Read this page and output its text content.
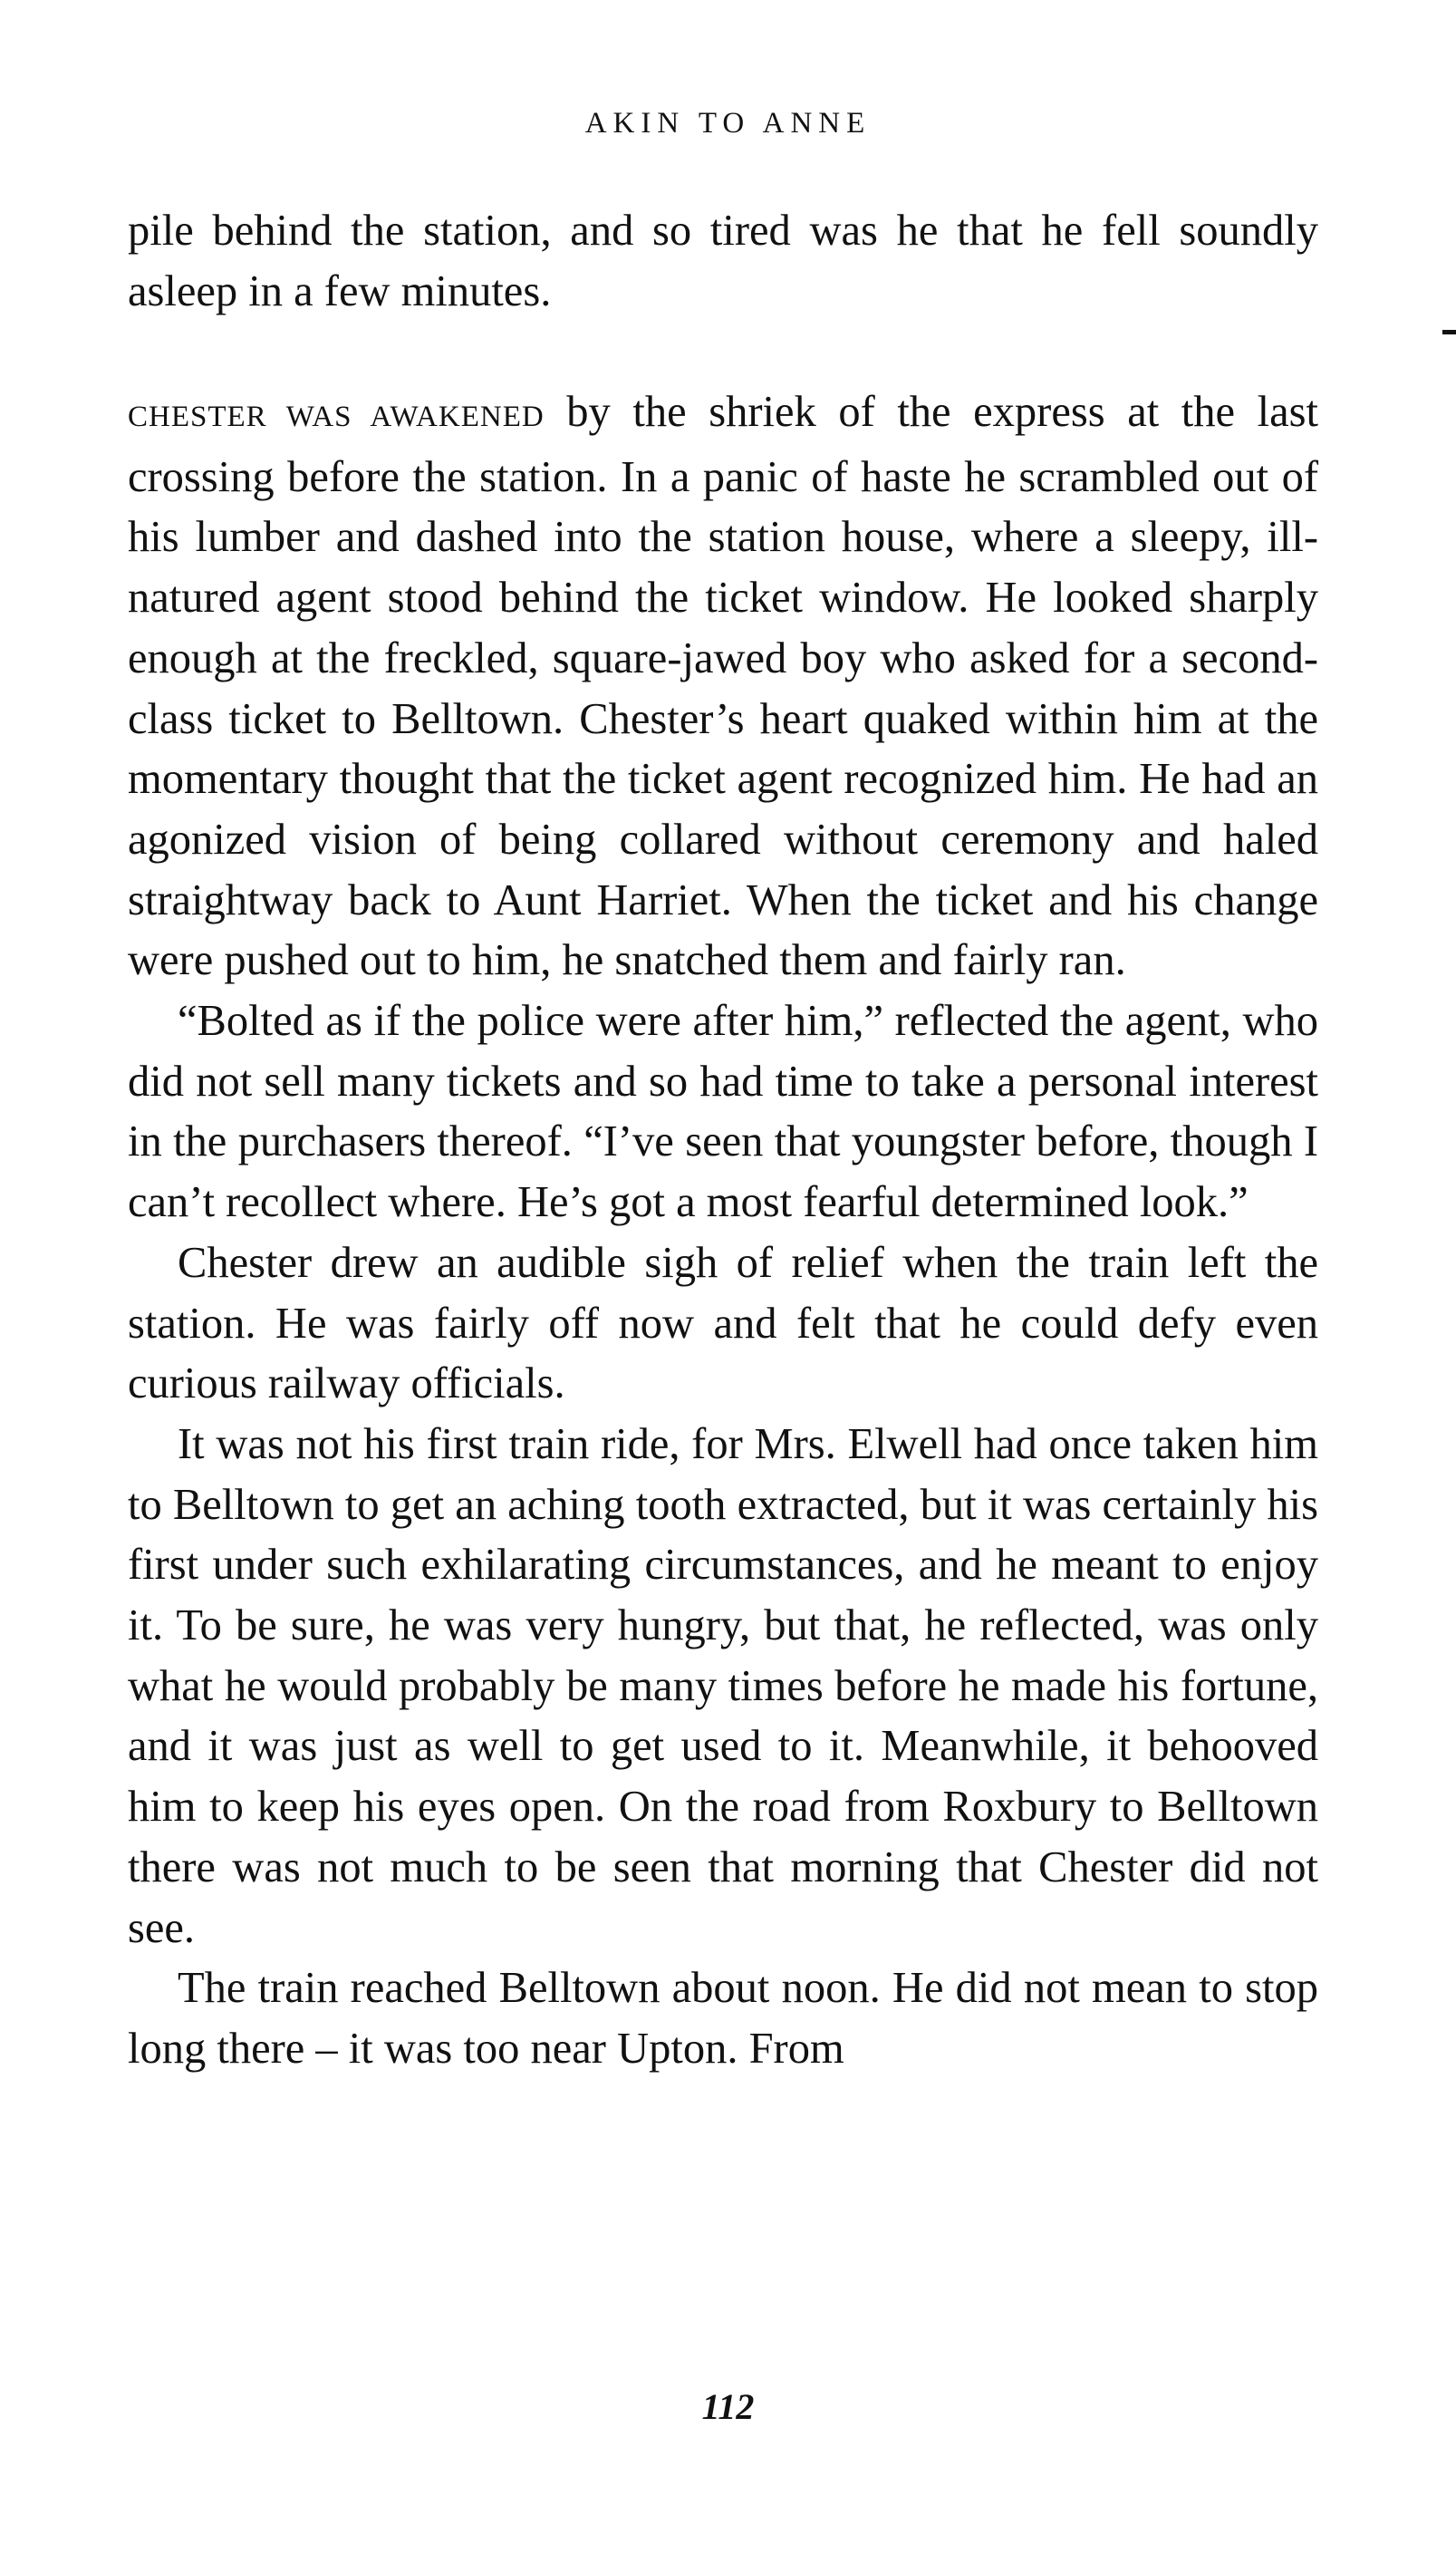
AKIN TO ANNE

pile behind the station, and so tired was he that he fell soundly asleep in a few minutes.

CHESTER WAS AWAKENED by the shriek of the express at the last crossing before the station. In a panic of haste he scrambled out of his lumber and dashed into the station house, where a sleepy, ill-natured agent stood behind the ticket window. He looked sharply enough at the freckled, square-jawed boy who asked for a second-class ticket to Belltown. Chester’s heart quaked within him at the momentary thought that the ticket agent recognized him. He had an agonized vision of being collared without ceremony and haled straightway back to Aunt Harriet. When the ticket and his change were pushed out to him, he snatched them and fairly ran.

“Bolted as if the police were after him,” reflected the agent, who did not sell many tickets and so had time to take a personal interest in the purchasers thereof. “I’ve seen that youngster before, though I can’t recollect where. He’s got a most fearful determined look.”

Chester drew an audible sigh of relief when the train left the station. He was fairly off now and felt that he could defy even curious railway officials.

It was not his first train ride, for Mrs. Elwell had once taken him to Belltown to get an aching tooth extracted, but it was certainly his first under such exhilarating circumstances, and he meant to enjoy it. To be sure, he was very hungry, but that, he reflected, was only what he would probably be many times before he made his fortune, and it was just as well to get used to it. Meanwhile, it behooved him to keep his eyes open. On the road from Roxbury to Belltown there was not much to be seen that morning that Chester did not see.

The train reached Belltown about noon. He did not mean to stop long there – it was too near Upton. From

112
